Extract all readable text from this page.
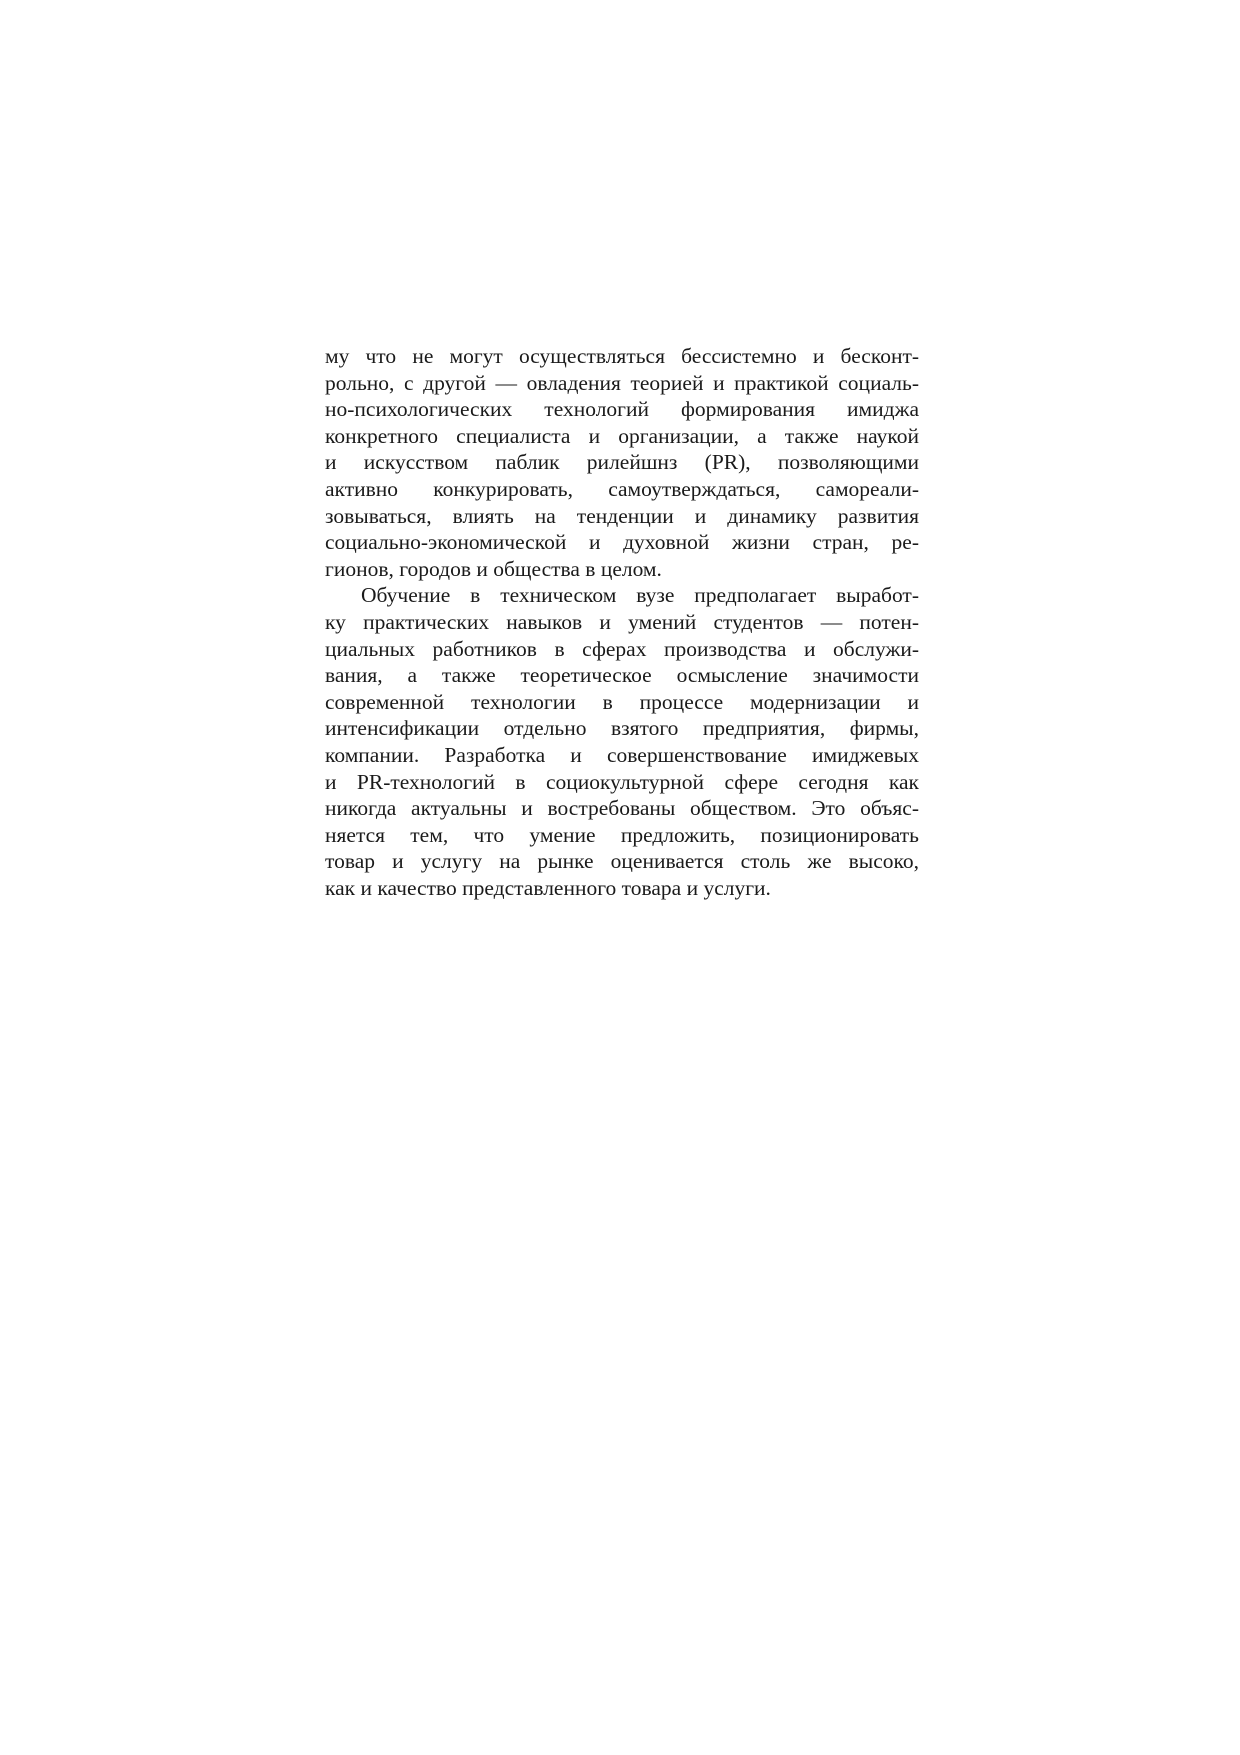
му что не могут осуществляться бессистемно и бесконт-
рольно, с другой — овладения теорией и практикой социаль-
но-психологических технологий формирования имиджа
конкретного специалиста и организации, а также наукой
и искусством паблик рилейшнз (PR), позволяющими
активно конкурировать, самоутверждаться, самореали-
зовываться, влиять на тенденции и динамику развития
социально-экономической и духовной жизни стран, ре-
гионов, городов и общества в целом.
Обучение в техническом вузе предполагает выработ-
ку практических навыков и умений студентов — потен-
циальных работников в сферах производства и обслужи-
вания, а также теоретическое осмысление значимости
современной технологии в процессе модернизации и
интенсификации отдельно взятого предприятия, фирмы,
компании. Разработка и совершенствование имиджевых
и PR-технологий в социокультурной сфере сегодня как
никогда актуальны и востребованы обществом. Это объяс-
няется тем, что умение предложить, позиционировать
товар и услугу на рынке оценивается столь же высоко,
как и качество представленного товара и услуги.
